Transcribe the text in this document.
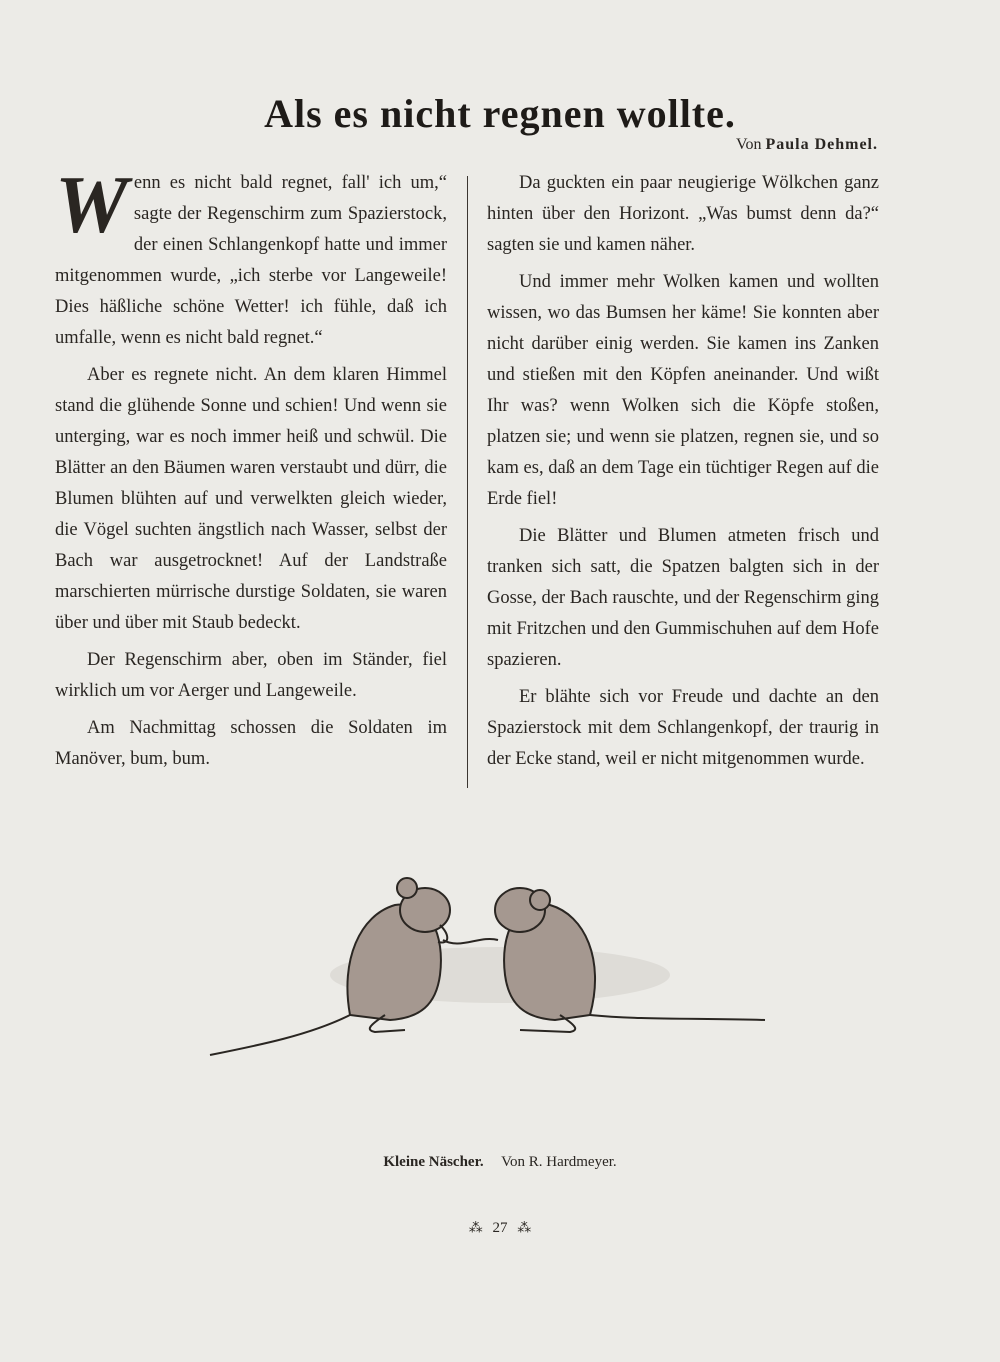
Als es nicht regnen wollte.
Von Paula Dehmel.

Wenn es nicht bald regnet, fall' ich um,“ sagte der Regenschirm zum Spazierstock, der einen Schlangenkopf hatte und immer mitgenommen wurde, „ich sterbe vor Langeweile! Dies häßliche schöne Wetter! ich fühle, daß ich umfalle, wenn es nicht bald regnet.“

Aber es regnete nicht. An dem klaren Himmel stand die glühende Sonne und schien! Und wenn sie unterging, war es noch immer heiß und schwül. Die Blätter an den Bäumen waren verstaubt und dürr, die Blumen blühten auf und verwelkten gleich wieder, die Vögel suchten ängstlich nach Wasser, selbst der Bach war ausgetrocknet! Auf der Landstraße marschierten mürrische durstige Soldaten, sie waren über und über mit Staub bedeckt.

Der Regenschirm aber, oben im Ständer, fiel wirklich um vor Aerger und Langeweile.

Am Nachmittag schossen die Soldaten im Manöver, bum, bum.

Da guckten ein paar neugierige Wölkchen ganz hinten über den Horizont. „Was bumst denn da?“ sagten sie und kamen näher.

Und immer mehr Wolken kamen und wollten wissen, wo das Bumsen her käme! Sie konnten aber nicht darüber einig werden. Sie kamen ins Zanken und stießen mit den Köpfen aneinander. Und wißt Ihr was? wenn Wolken sich die Köpfe stoßen, platzen sie; und wenn sie platzen, regnen sie, und so kam es, daß an dem Tage ein tüchtiger Regen auf die Erde fiel!

Die Blätter und Blumen atmeten frisch und tranken sich satt, die Spatzen balgten sich in der Gosse, der Bach rauschte, und der Regenschirm ging mit Fritzchen und den Gummischuhen auf dem Hofe spazieren.

Er blähte sich vor Freude und dachte an den Spazierstock mit dem Schlangenkopf, der traurig in der Ecke stand, weil er nicht mitgenommen wurde.

Kleine Näscher. Von R. Hardmeyer.
⁂ 27 ⁂
